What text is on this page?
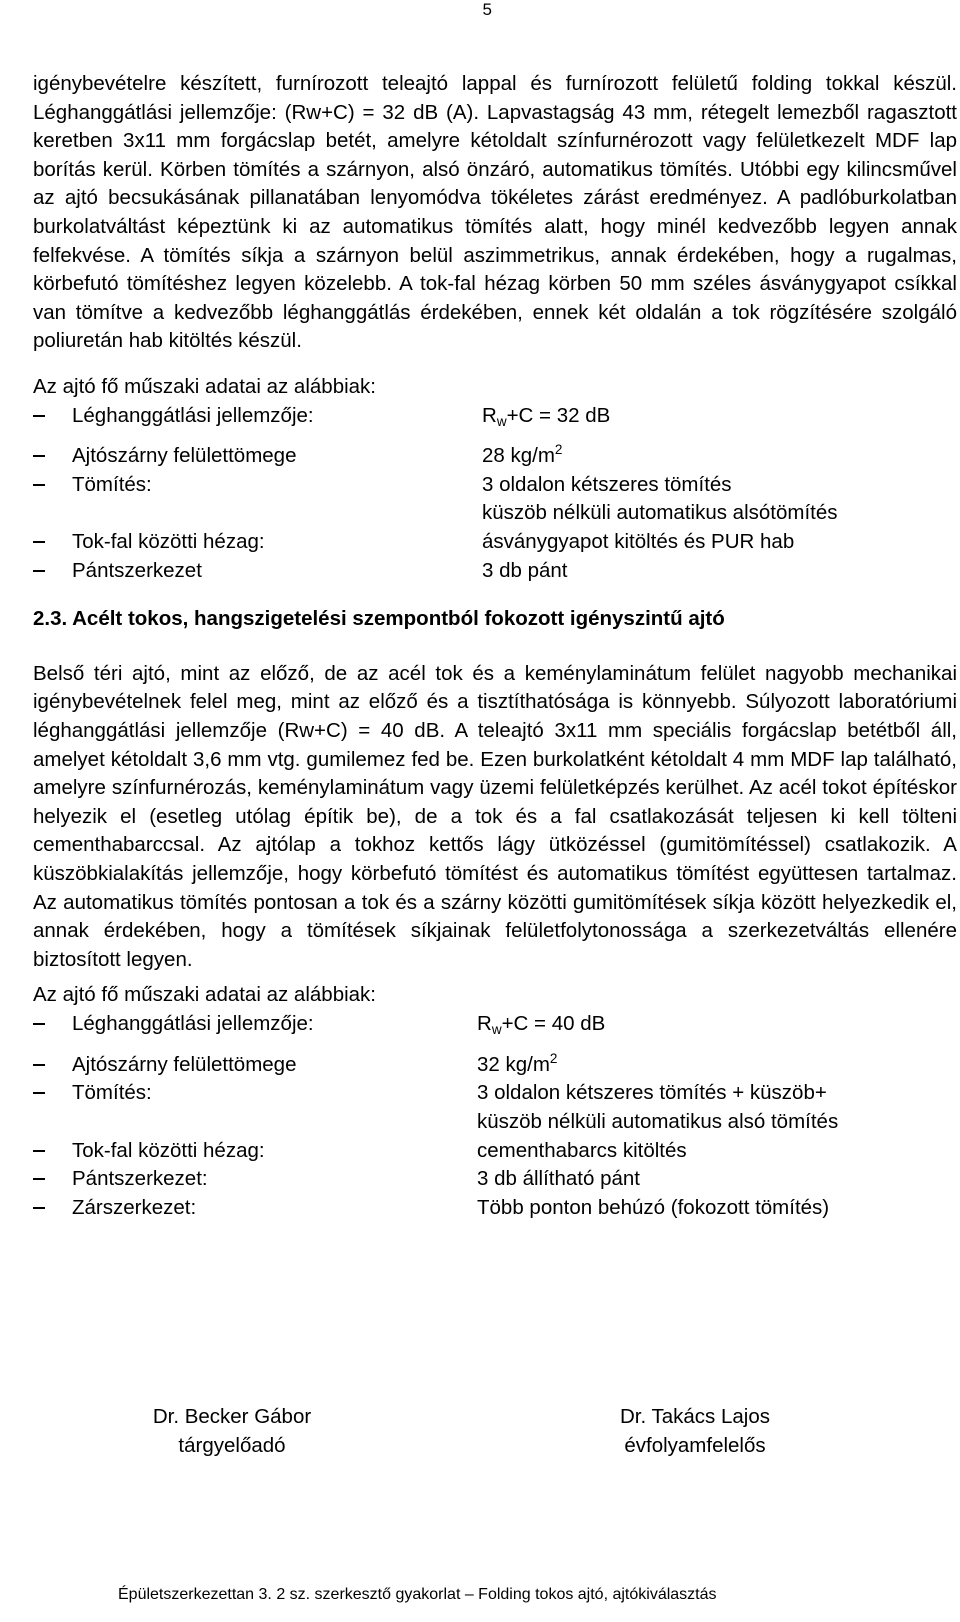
5

igénybevételre készített, furnírozott teleajtó lappal és furnírozott felületű folding tokkal készül. Léghanggátlási jellemzője: (Rw+C) = 32 dB (A). Lapvastagság 43 mm, rétegelt lemezből ragasztott keretben 3x11 mm forgácslap betét, amelyre kétoldalt színfurnérozott vagy felületkezelt MDF lap borítás kerül. Körben tömítés a szárnyon, alsó önzáró, automatikus tömítés. Utóbbi egy kilincsművel az ajtó becsukásának pillanatában lenyomódva tökéletes zárást eredményez. A padlóburkolatban burkolatváltást képeztünk ki az automatikus tömítés alatt, hogy minél kedvezőbb legyen annak felfekvése. A tömítés síkja a szárnyon belül aszimmetrikus, annak érdekében, hogy a rugalmas, körbefutó tömítéshez legyen közelebb. A tok-fal hézag körben 50 mm széles ásványgyapot csíkkal van tömítve a kedvezőbb léghanggátlás érdekében, ennek két oldalán a tok rögzítésére szolgáló poliuretán hab kitöltés készül.

Az ajtó fő műszaki adatai az alábbiak:

Léghanggátlási jellemzője:	$R_w+C = 32$ dB
Ajtószárny felülettömege	28 $kg/m^2$
Tömítés:	3 oldalon kétszeres tömítés
küszöb nélküli automatikus alsótömítés
Tok-fal közötti hézag:	ásványgyapot kitöltés és PUR hab
Pántszerkezet	3 db pánt

2.3. Acélt tokos, hangszigetelési szempontból fokozott igényszintű ajtó

Belső téri ajtó, mint az előző, de az acél tok és a keménylaminátum felület nagyobb mechanikai igénybevételnek felel meg, mint az előző és a tisztíthatósága is könnyebb. Súlyozott laboratóriumi léghanggátlási jellemzője (Rw+C) = 40 dB. A teleajtó 3x11 mm speciális forgácslap betétből áll, amelyet kétoldalt 3,6 mm vtg. gumilemez fed be. Ezen burkolatként kétoldalt 4 mm MDF lap található, amelyre színfurnérozás, keménylaminátum vagy üzemi felületképzés kerülhet. Az acél tokot építéskor helyezik el (esetleg utólag építik be), de a tok és a fal csatlakozását teljesen ki kell tölteni cementhabarccsal. Az ajtólap a tokhoz kettős lágy ütközéssel (gumitömítéssel) csatlakozik. A küszöbkialakítás jellemzője, hogy körbefutó tömítést és automatikus tömítést együttesen tartalmaz. Az automatikus tömítés pontosan a tok és a szárny közötti gumitömítések síkja között helyezkedik el, annak érdekében, hogy a tömítések síkjainak felületfolytonossága a szerkezetváltás ellenére biztosított legyen.

Az ajtó fő műszaki adatai az alábbiak:

Léghanggátlási jellemzője:	$R_w+C = 40$ dB
Ajtószárny felülettömege	32 $kg/m^2$
Tömítés:	3 oldalon kétszeres tömítés + küszöb+
küszöb nélküli automatikus alsó tömítés
Tok-fal közötti hézag:	cementhabarcs kitöltés
Pántszerkezet:	3 db állítható pánt
Zárszerkezet:	Több ponton behúzó (fokozott tömítés)
Dr. Becker Gábor
tárgyelőadó
Dr. Takács Lajos
évfolyamfelelős
Épületszerkezettan 3. 2 sz. szerkesztő gyakorlat – Folding tokos ajtó, ajtókiválasztás
